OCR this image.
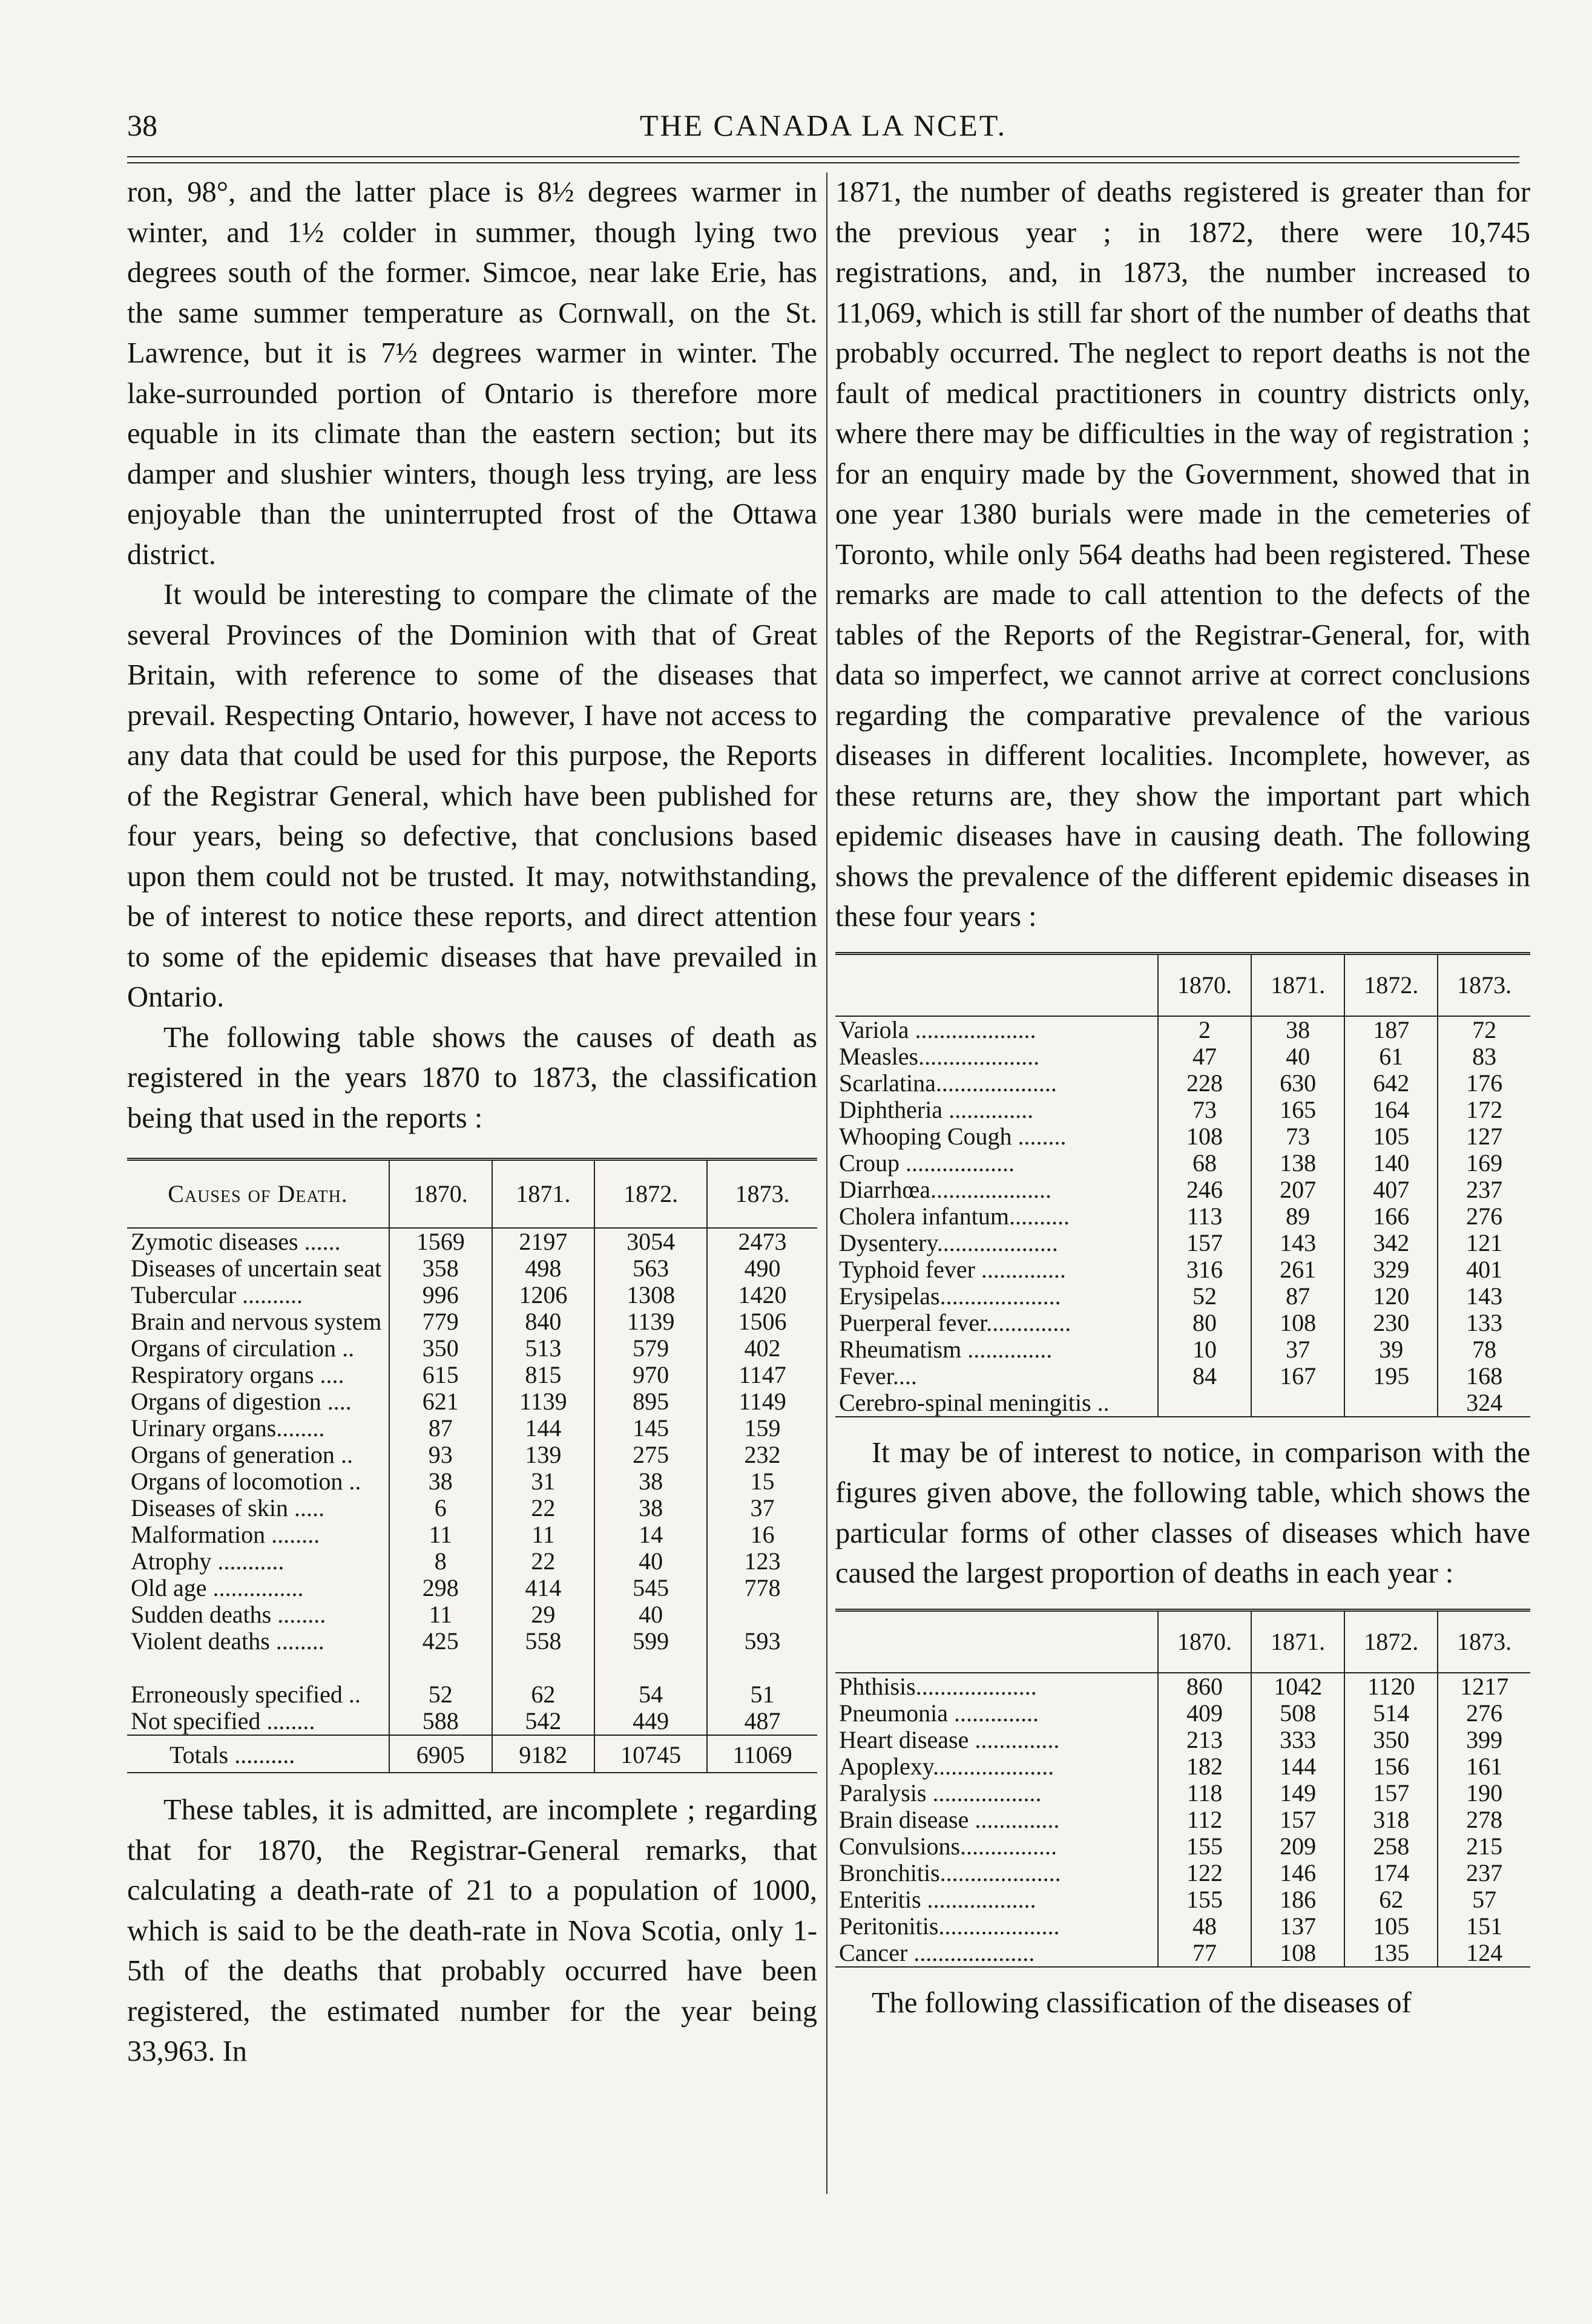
38	THE CANADA LA NCET.

ron, 98°, and the latter place is 8½ degrees warmer in winter, and 1½ colder in summer, though lying two degrees south of the former. Simcoe, near lake Erie, has the same summer temperature as Cornwall, on the St. Lawrence, but it is 7½ degrees warmer in winter. The lake-surrounded portion of Ontario is therefore more equable in its climate than the eastern section; but its damper and slushier winters, though less trying, are less enjoyable than the uninterrupted frost of the Ottawa district.

It would be interesting to compare the climate of the several Provinces of the Dominion with that of Great Britain, with reference to some of the diseases that prevail. Respecting Ontario, however, I have not access to any data that could be used for this purpose, the Reports of the Registrar General, which have been published for four years, being so defective, that conclusions based upon them could not be trusted. It may, notwithstanding, be of interest to notice these reports, and direct attention to some of the epidemic diseases that have prevailed in Ontario.

The following table shows the causes of death as registered in the years 1870 to 1873, the classification being that used in the reports :

Causes of Death.	1870.	1871.	1872.	1873.
Zymotic diseases ......	1569	2197	3054	2473
Diseases of uncertain seat	358	498	563	490
Tubercular ..........	996	1206	1308	1420
Brain and nervous system	779	840	1139	1506
Organs of circulation ..	350	513	579	402
Respiratory organs ....	615	815	970	1147
Organs of digestion ....	621	1139	895	1149
Urinary organs........	87	144	145	159
Organs of generation ..	93	139	275	232
Organs of locomotion ..	38	31	38	15
Diseases of skin .....	6	22	38	37
Malformation ........	11	11	14	16
Atrophy ...........	8	22	40	123
Old age ...............	298	414	545	778
Sudden deaths ........	11	29	40	
Violent deaths ........	425	558	599	593

Erroneously specified ..	52	62	54	51
Not specified ........	588	542	449	487
Totals ..........	6905	9182	10745	11069

These tables, it is admitted, are incomplete ; regarding that for 1870, the Registrar-General remarks, that calculating a death-rate of 21 to a population of 1000, which is said to be the death-rate in Nova Scotia, only 1-5th of the deaths that probably occurred have been registered, the estimated number for the year being 33,963. In

1871, the number of deaths registered is greater than for the previous year ; in 1872, there were 10,745 registrations, and, in 1873, the number increased to 11,069, which is still far short of the number of deaths that probably occurred. The neglect to report deaths is not the fault of medical practitioners in country districts only, where there may be difficulties in the way of registration ; for an enquiry made by the Government, showed that in one year 1380 burials were made in the cemeteries of Toronto, while only 564 deaths had been registered. These remarks are made to call attention to the defects of the tables of the Reports of the Registrar-General, for, with data so imperfect, we cannot arrive at correct conclusions regarding the comparative prevalence of the various diseases in different localities. Incomplete, however, as these returns are, they show the important part which epidemic diseases have in causing death. The following shows the prevalence of the different epidemic diseases in these four years :

	1870.	1871.	1872.	1873.
Variola ....................	2	38	187	72
Measles....................	47	40	61	83
Scarlatina....................	228	630	642	176
Diphtheria ..............	73	165	164	172
Whooping Cough ........	108	73	105	127
Croup ..................	68	138	140	169
Diarrhœa....................	246	207	407	237
Cholera infantum..........	113	89	166	276
Dysentery....................	157	143	342	121
Typhoid fever ..............	316	261	329	401
Erysipelas....................	52	87	120	143
Puerperal fever..............	80	108	230	133
Rheumatism ..............	10	37	39	78
Fever....	84	167	195	168
Cerebro-spinal meningitis ..				324

It may be of interest to notice, in comparison with the figures given above, the following table, which shows the particular forms of other classes of diseases which have caused the largest proportion of deaths in each year :

	1870.	1871.	1872.	1873.
Phthisis....................	860	1042	1120	1217
Pneumonia ..............	409	508	514	276
Heart disease ..............	213	333	350	399
Apoplexy....................	182	144	156	161
Paralysis ..................	118	149	157	190
Brain disease ..............	112	157	318	278
Convulsions................	155	209	258	215
Bronchitis....................	122	146	174	237
Enteritis ..................	155	186	62	57
Peritonitis....................	48	137	105	151
Cancer ....................	77	108	135	124

The following classification of the diseases of
